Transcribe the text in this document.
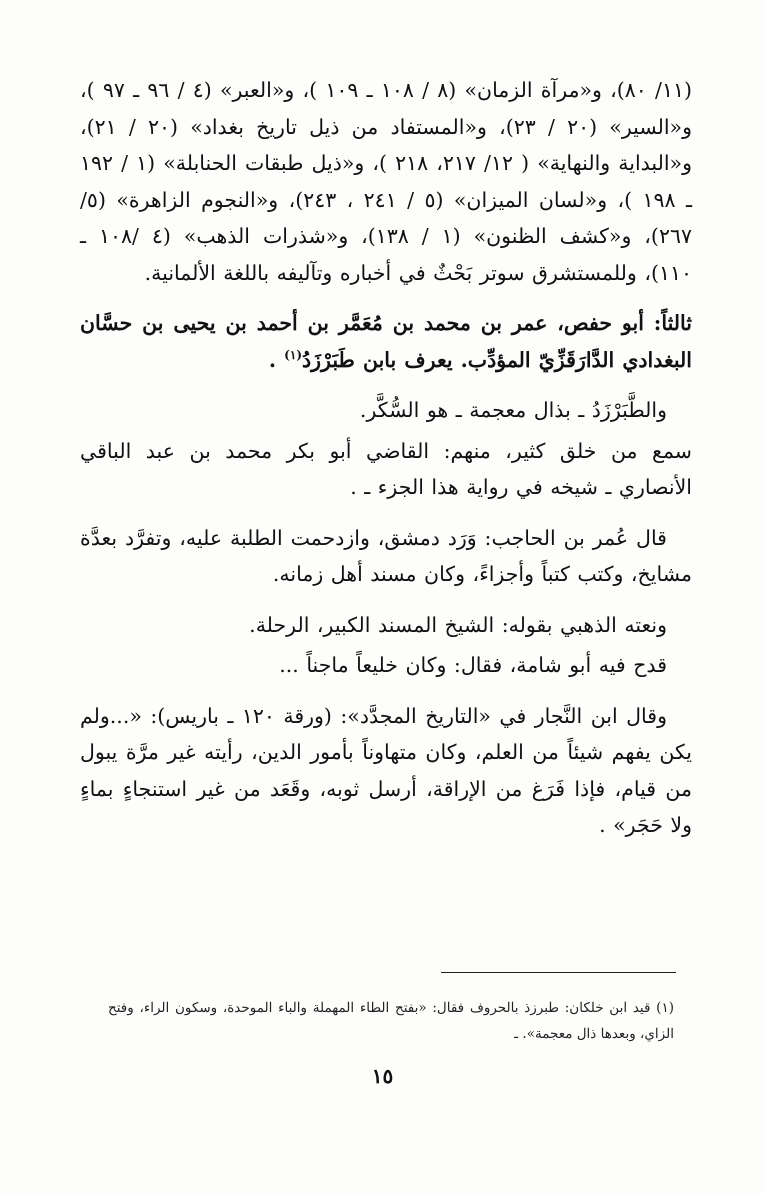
(١١/ ٨٠)، و«مرآة الزمان» (٨ / ١٠٨ ـ ١٠٩ )، و«العبر» (٤ / ٩٦ ـ ٩٧ )، و«السير» (٢٠ / ٢٣)، و«المستفاد من ذيل تاريخ بغداد» (٢٠ / ٢١)، و«البداية والنهاية» ( ١٢/ ٢١٧، ٢١٨ )، و«ذيل طبقات الحنابلة» (١ / ١٩٢ ـ ١٩٨ )، و«لسان الميزان» (٥ / ٢٤١ ، ٢٤٣)، و«النجوم الزاهرة» (٥/ ٢٦٧)، و«كشف الظنون» (١ / ١٣٨)، و«شذرات الذهب» (٤ /١٠٨ ـ ١١٠)، وللمستشرق سوتر بَحْثٌ في أخباره وتآليفه باللغة الألمانية.

ثالثاً: أبو حفص، عمر بن محمد بن مُعَمَّر بن أحمد بن يحيى بن حسَّان البغدادي الدَّارَقَزِّيّ المؤدِّب. يعرف بابن طَبَرْزَدُ$^{(١)}$ .

والطَّبَرْزَدُ ـ بذال معجمة ـ هو السُّكَّر.

سمع من خلق كثير، منهم: القاضي أبو بكر محمد بن عبد الباقي الأنصاري ـ شيخه في رواية هذا الجزء ـ .

قال عُمر بن الحاجب: وَرَد دمشق، وازدحمت الطلبة عليه، وتفرَّد بعدَّة مشايخ، وكتب كتباً وأجزاءً، وكان مسند أهل زمانه.

ونعته الذهبي بقوله: الشيخ المسند الكبير، الرحلة.

قدح فيه أبو شامة، فقال: وكان خليعاً ماجناً ...

وقال ابن النَّجار في «التاريخ المجدَّد»: (ورقة ١٢٠ ـ باريس): «...ولم يكن يفهم شيئاً من العلم، وكان متهاوناً بأمور الدين، رأيته غير مرَّة يبول من قيام، فإذا فَرَغ من الإراقة، أرسل ثوبه، وقَعَد من غير استنجاءٍ بماءٍ ولا حَجَر» .

(١) قيد ابن خلكان: طبرزذ بالحروف فقال: «بفتح الطاء المهملة والباء الموحدة، وسكون الراء، وفتح الزاي، وبعدها ذال معجمة». ـ
١٥
